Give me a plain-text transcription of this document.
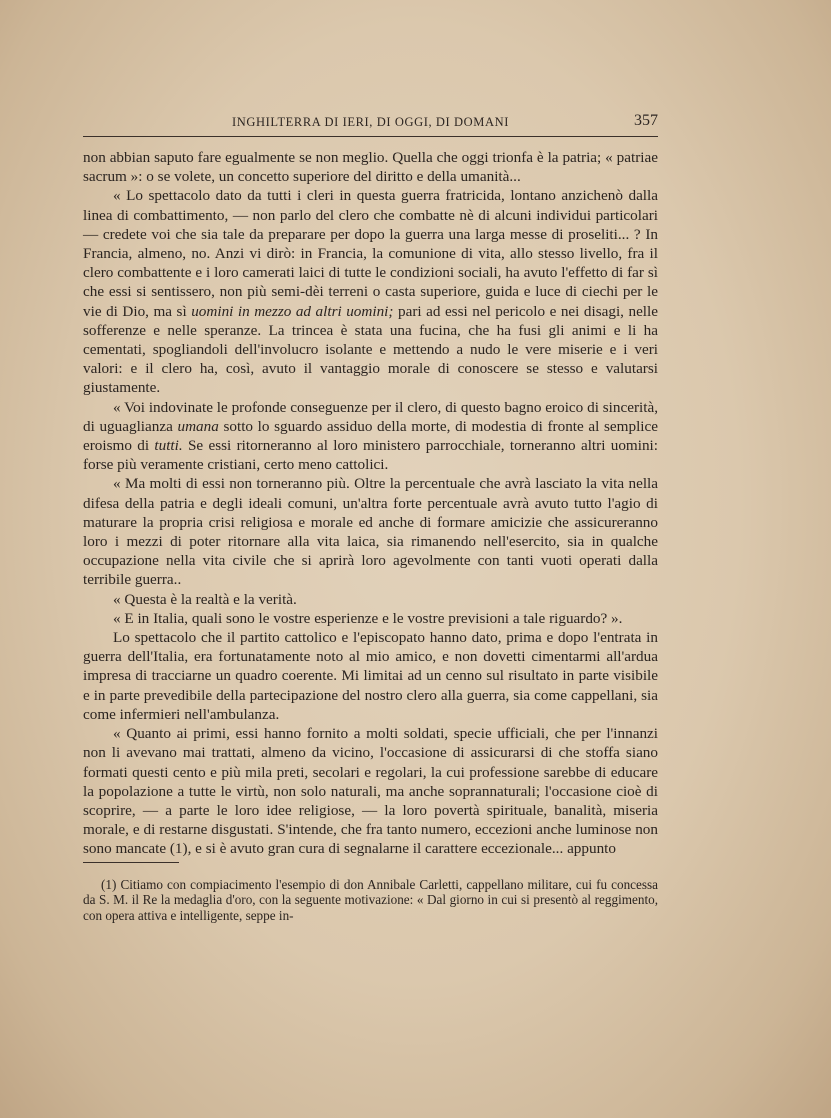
INGHILTERRA DI IERI, DI OGGI, DI DOMANI	357

non abbian saputo fare egualmente se non meglio. Quella che oggi trionfa è la patria; « patriae sacrum »: o se volete, un concetto superiore del diritto e della umanità...

« Lo spettacolo dato da tutti i cleri in questa guerra fratricida, lontano anzichenò dalla linea di combattimento, — non parlo del clero che combatte nè di alcuni individui particolari — credete voi che sia tale da preparare per dopo la guerra una larga messe di proseliti... ? In Francia, almeno, no. Anzi vi dirò: in Francia, la comunione di vita, allo stesso livello, fra il clero combattente e i loro camerati laici di tutte le condizioni sociali, ha avuto l'effetto di far sì che essi si sentissero, non più semi-dèi terreni o casta superiore, guida e luce di ciechi per le vie di Dio, ma sì uomini in mezzo ad altri uomini; pari ad essi nel pericolo e nei disagi, nelle sofferenze e nelle speranze. La trincea è stata una fucina, che ha fusi gli animi e li ha cementati, spogliandoli dell'involucro isolante e mettendo a nudo le vere miserie e i veri valori: e il clero ha, così, avuto il vantaggio morale di conoscere se stesso e valutarsi giustamente.

« Voi indovinate le profonde conseguenze per il clero, di questo bagno eroico di sincerità, di uguaglianza umana sotto lo sguardo assiduo della morte, di modestia di fronte al semplice eroismo di tutti. Se essi ritorneranno al loro ministero parrocchiale, torneranno altri uomini: forse più veramente cristiani, certo meno cattolici.

« Ma molti di essi non torneranno più. Oltre la percentuale che avrà lasciato la vita nella difesa della patria e degli ideali comuni, un'altra forte percentuale avrà avuto tutto l'agio di maturare la propria crisi religiosa e morale ed anche di formare amicizie che assicureranno loro i mezzi di poter ritornare alla vita laica, sia rimanendo nell'esercito, sia in qualche occupazione nella vita civile che si aprirà loro agevolmente con tanti vuoti operati dalla terribile guerra..

« Questa è la realtà e la verità.

« E in Italia, quali sono le vostre esperienze e le vostre previsioni a tale riguardo? ».

Lo spettacolo che il partito cattolico e l'episcopato hanno dato, prima e dopo l'entrata in guerra dell'Italia, era fortunatamente noto al mio amico, e non dovetti cimentarmi all'ardua impresa di tracciarne un quadro coerente. Mi limitai ad un cenno sul risultato in parte visibile e in parte prevedibile della partecipazione del nostro clero alla guerra, sia come cappellani, sia come infermieri nell'ambulanza.

« Quanto ai primi, essi hanno fornito a molti soldati, specie ufficiali, che per l'innanzi non li avevano mai trattati, almeno da vicino, l'occasione di assicurarsi di che stoffa siano formati questi cento e più mila preti, secolari e regolari, la cui professione sarebbe di educare la popolazione a tutte le virtù, non solo naturali, ma anche soprannaturali; l'occasione cioè di scoprire, — a parte le loro idee religiose, — la loro povertà spirituale, banalità, miseria morale, e di restarne disgustati. S'intende, che fra tanto numero, eccezioni anche luminose non sono mancate (1), e si è avuto gran cura di segnalarne il carattere eccezionale... appunto

(1) Citiamo con compiacimento l'esempio di don Annibale Carletti, cappellano militare, cui fu concessa da S. M. il Re la medaglia d'oro, con la seguente motivazione: « Dal giorno in cui si presentò al reggimento, con opera attiva e intelligente, seppe in-
